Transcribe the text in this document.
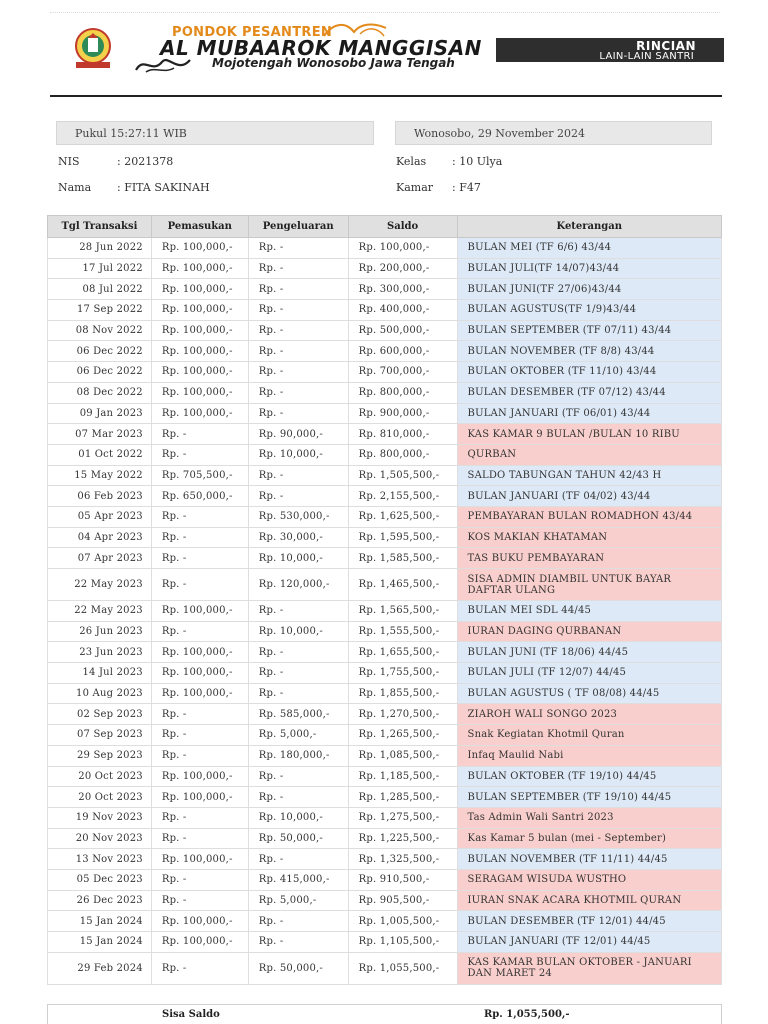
PONDOK PESANTREN
AL MUBAAROK MANGGISAN
Mojotengah Wonosobo Jawa Tengah
RINCIAN
LAIN-LAIN SANTRI
Pukul 15:27:11 WIB	Wonosobo, 29 November 2024
NIS	: 2021378
Nama : FITA SAKINAH
Kelas : 10 Ulya
Kamar : F47
Tgl Transaksi	Pemasukan	Pengeluaran	Saldo	Keterangan
28 Jun 2022	Rp. 100,000,-	Rp. -	Rp. 100,000,-	BULAN MEI (TF 6/6) 43/44
17 Jul 2022	Rp. 100,000,-	Rp. -	Rp. 200,000,-	BULAN JULI(TF 14/07)43/44
08 Jul 2022	Rp. 100,000,-	Rp. -	Rp. 300,000,-	BULAN JUNI(TF 27/06)43/44
17 Sep 2022	Rp. 100,000,-	Rp. -	Rp. 400,000,-	BULAN AGUSTUS(TF 1/9)43/44
08 Nov 2022	Rp. 100,000,-	Rp. -	Rp. 500,000,-	BULAN SEPTEMBER (TF 07/11) 43/44
06 Dec 2022	Rp. 100,000,-	Rp. -	Rp. 600,000,-	BULAN NOVEMBER (TF 8/8) 43/44
06 Dec 2022	Rp. 100,000,-	Rp. -	Rp. 700,000,-	BULAN OKTOBER (TF 11/10) 43/44
08 Dec 2022	Rp. 100,000,-	Rp. -	Rp. 800,000,-	BULAN DESEMBER (TF 07/12) 43/44
09 Jan 2023	Rp. 100,000,-	Rp. -	Rp. 900,000,-	BULAN JANUARI (TF 06/01) 43/44
07 Mar 2023	Rp. -	Rp. 90,000,-	Rp. 810,000,-	KAS KAMAR 9 BULAN /BULAN 10 RIBU
01 Oct 2022	Rp. -	Rp. 10,000,-	Rp. 800,000,-	QURBAN
15 May 2022	Rp. 705,500,-	Rp. -	Rp. 1,505,500,-	SALDO TABUNGAN TAHUN 42/43 H
06 Feb 2023	Rp. 650,000,-	Rp. -	Rp. 2,155,500,-	BULAN JANUARI (TF 04/02) 43/44
05 Apr 2023	Rp. -	Rp. 530,000,-	Rp. 1,625,500,-	PEMBAYARAN BULAN ROMADHON 43/44
04 Apr 2023	Rp. -	Rp. 30,000,-	Rp. 1,595,500,-	KOS MAKIAN KHATAMAN
07 Apr 2023	Rp. -	Rp. 10,000,-	Rp. 1,585,500,-	TAS BUKU PEMBAYARAN
22 May 2023	Rp. -	Rp. 120,000,-	Rp. 1,465,500,-	SISA ADMIN DIAMBIL UNTUK BAYAR DAFTAR ULANG
22 May 2023	Rp. 100,000,-	Rp. -	Rp. 1,565,500,-	BULAN MEI SDL 44/45
26 Jun 2023	Rp. -	Rp. 10,000,-	Rp. 1,555,500,-	IURAN DAGING QURBANAN
23 Jun 2023	Rp. 100,000,-	Rp. -	Rp. 1,655,500,-	BULAN JUNI (TF 18/06) 44/45
14 Jul 2023	Rp. 100,000,-	Rp. -	Rp. 1,755,500,-	BULAN JULI (TF 12/07) 44/45
10 Aug 2023	Rp. 100,000,-	Rp. -	Rp. 1,855,500,-	BULAN AGUSTUS ( TF 08/08) 44/45
02 Sep 2023	Rp. -	Rp. 585,000,-	Rp. 1,270,500,-	ZIAROH WALI SONGO 2023
07 Sep 2023	Rp. -	Rp. 5,000,-	Rp. 1,265,500,-	Snak Kegiatan Khotmil Quran
29 Sep 2023	Rp. -	Rp. 180,000,-	Rp. 1,085,500,-	Infaq Maulid Nabi
20 Oct 2023	Rp. 100,000,-	Rp. -	Rp. 1,185,500,-	BULAN OKTOBER (TF 19/10) 44/45
20 Oct 2023	Rp. 100,000,-	Rp. -	Rp. 1,285,500,-	BULAN SEPTEMBER (TF 19/10) 44/45
19 Nov 2023	Rp. -	Rp. 10,000,-	Rp. 1,275,500,-	Tas Admin Wali Santri 2023
20 Nov 2023	Rp. -	Rp. 50,000,-	Rp. 1,225,500,-	Kas Kamar 5 bulan (mei - September)
13 Nov 2023	Rp. 100,000,-	Rp. -	Rp. 1,325,500,-	BULAN NOVEMBER (TF 11/11) 44/45
05 Dec 2023	Rp. -	Rp. 415,000,-	Rp. 910,500,-	SERAGAM WISUDA WUSTHO
26 Dec 2023	Rp. -	Rp. 5,000,-	Rp. 905,500,-	IURAN SNAK ACARA KHOTMIL QURAN
15 Jan 2024	Rp. 100,000,-	Rp. -	Rp. 1,005,500,-	BULAN DESEMBER (TF 12/01) 44/45
15 Jan 2024	Rp. 100,000,-	Rp. -	Rp. 1,105,500,-	BULAN JANUARI (TF 12/01) 44/45
29 Feb 2024	Rp. -	Rp. 50,000,-	Rp. 1,055,500,-	KAS KAMAR BULAN OKTOBER - JANUARI DAN MARET 24
Sisa Saldo	Rp. 1,055,500,-
